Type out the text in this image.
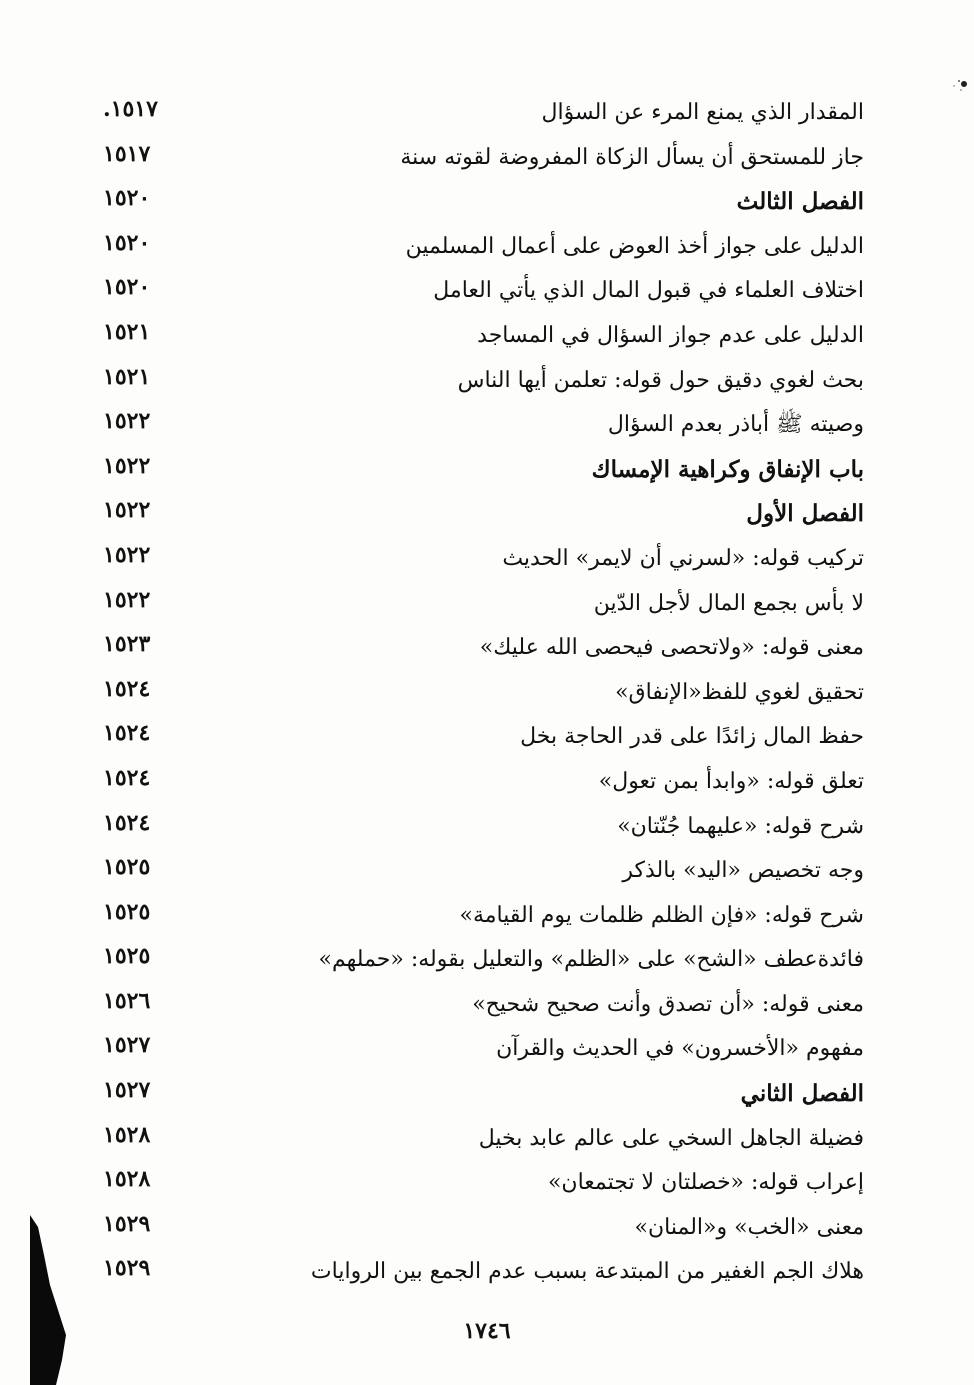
المقدار الذي يمنع المرء عن السؤال
١٥١٧.
جاز للمستحق أن يسأل الزكاة المفروضة لقوته سنة
١٥١٧
الفصل الثالث
١٥٢٠
الدليل على جواز أخذ العوض على أعمال المسلمين
١٥٢٠
اختلاف العلماء في قبول المال الذي يأتي العامل
١٥٢٠
الدليل على عدم جواز السؤال في المساجد
١٥٢١
بحث لغوي دقيق حول قوله: تعلمن أيها الناس
١٥٢١
وصيته ﷺ أباذر بعدم السؤال
١٥٢٢
باب الإنفاق وكراهية الإمساك
١٥٢٢
الفصل الأول
١٥٢٢
تركيب قوله: «لسرني أن لايمر» الحديث
١٥٢٢
لا بأس بجمع المال لأجل الدّين
١٥٢٢
معنى قوله: «ولاتحصى فيحصى الله عليك»
١٥٢٣
تحقيق لغوي للفظ«الإنفاق»
١٥٢٤
حفظ المال زائدًا على قدر الحاجة بخل
١٥٢٤
تعلق قوله: «وابدأ بمن تعول»
١٥٢٤
شرح قوله: «عليهما جُنّتان»
١٥٢٤
وجه تخصيص «اليد» بالذكر
١٥٢٥
شرح قوله: «فإن الظلم ظلمات يوم القيامة»
١٥٢٥
فائدةعطف «الشح» على «الظلم» والتعليل بقوله: «حملهم»
١٥٢٥
معنى قوله: «أن تصدق وأنت صحيح شحيح»
١٥٢٦
مفهوم «الأخسرون» في الحديث والقرآن
١٥٢٧
الفصل الثاني
١٥٢٧
فضيلة الجاهل السخي على عالم عابد بخيل
١٥٢٨
إعراب قوله: «خصلتان لا تجتمعان»
١٥٢٨
معنى «الخب» و«المنان»
١٥٢٩
هلاك الجم الغفير من المبتدعة بسبب عدم الجمع بين الروايات
١٥٢٩
١٧٤٦
